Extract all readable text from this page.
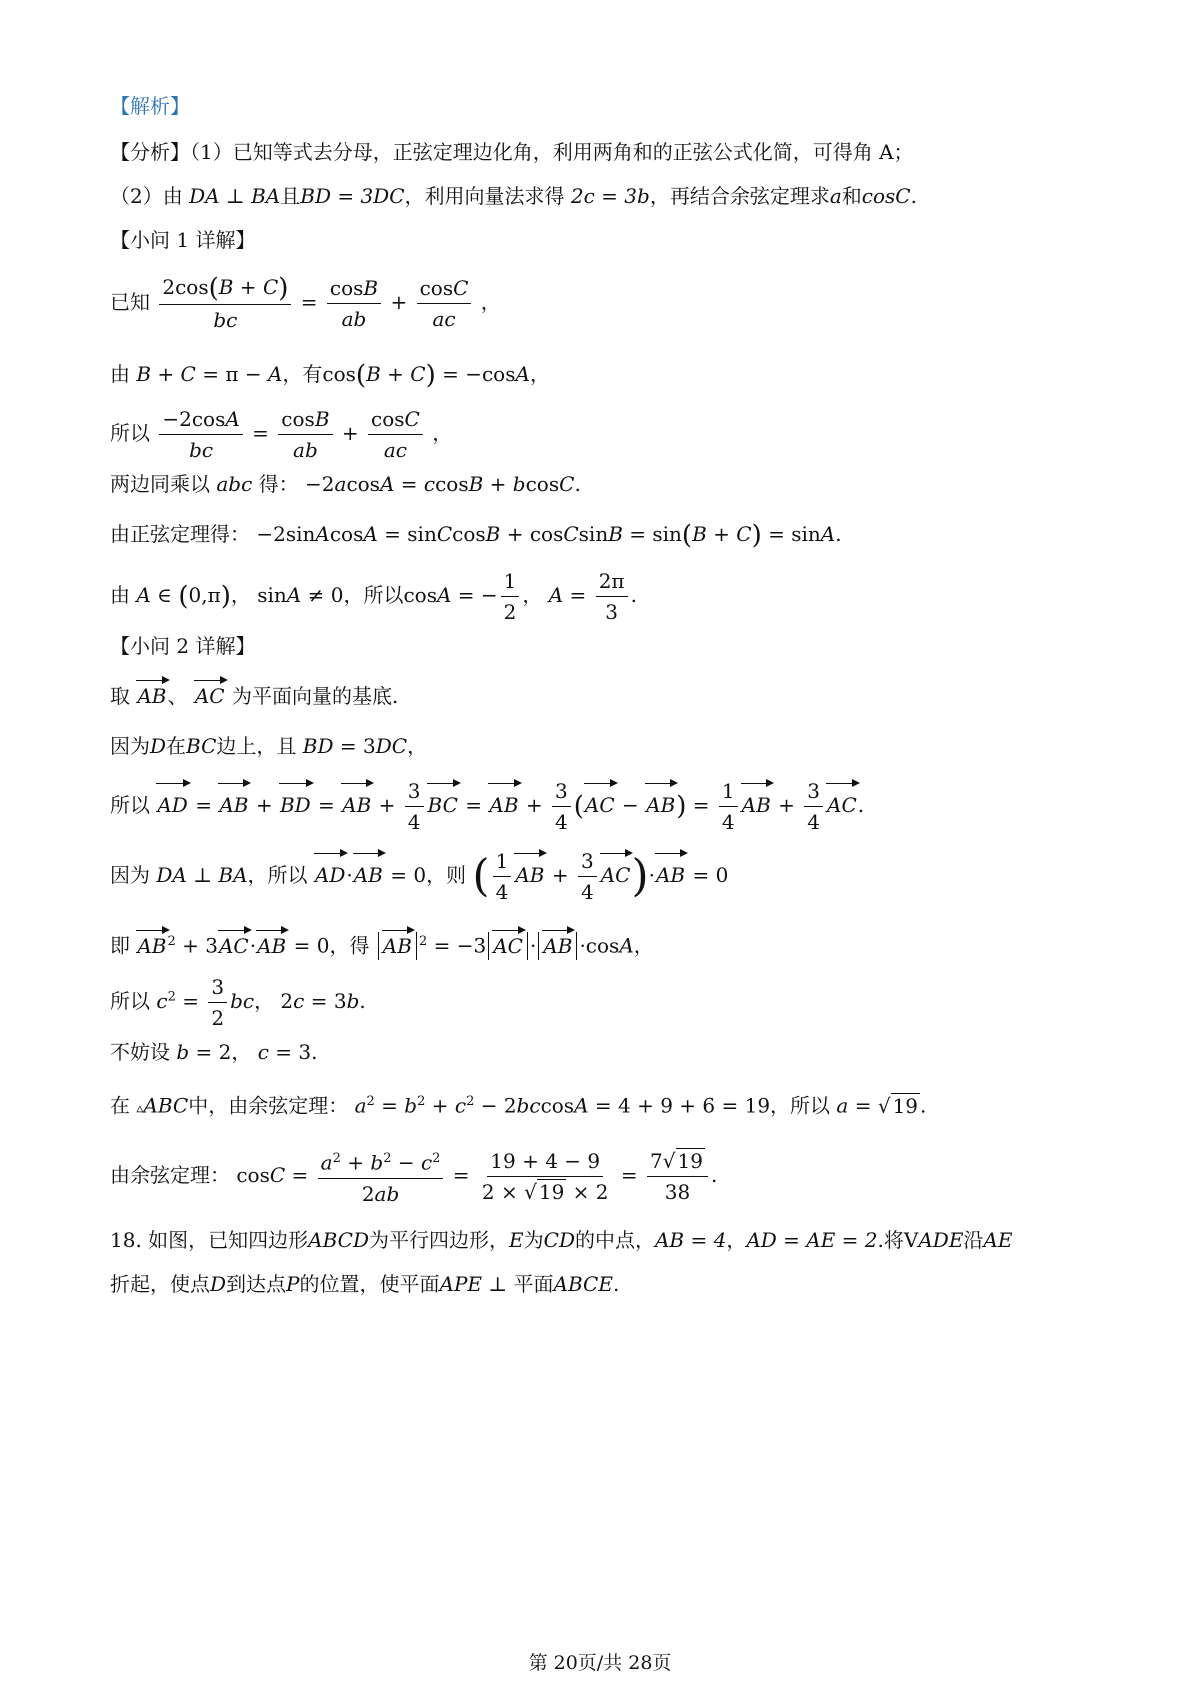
【解析】
【分析】（1）已知等式去分母，正弦定理边化角，利用两角和的正弦公式化简，可得角 A；
（2）由 DA ⊥ BA且BD = 3DC，利用向量法求得 2c = 3b，再结合余弦定理求a和cosC.
【小问 1 详解】
已知 $\frac{2\cos(B + C)}{bc} = \frac{\cos B}{ab} + \frac{\cos C}{ac}$ ，
由 B + C = π − A，有cos(B + C) = −cosA，
所以 $\frac{-2\cos A}{bc} = \frac{\cos B}{ab} + \frac{\cos C}{ac}$ ，
两边同乘以 abc 得： −2acosA = ccosB + bcosC.
由正弦定理得： −2sinAcosA = sinCcosB + cosCsinB = sin(B + C) = sinA.
由 A ∈ (0,π)， sinA ≠ 0，所以cosA = − $\frac{1}{2}$ ， $A = \frac{2\pi}{3}$ .
【小问 2 详解】
取 AB、 AC 为平面向量的基底.
因为D在BC边上，且 BD = 3DC，
所以 AD = AB + BD = AB + $\frac{3}{4}$ BC = AB + $\frac{3}{4} (AC - AB) = \frac{1}{4}$ AB + $\frac{3}{4}$ AC.
因为 DA ⊥ BA，所以 AD·AB = 0，则 ( $\frac{1}{4}$ AB + $\frac{3}{4} AC)\cdot AB = 0$
即 $AB^2 + 3AC\cdot AB = 0$，得 AB $^2$ = −3 AC · AB ·cosA，
所以 $c^2 = \frac{3}{2}$ bc， 2c = 3b.
不妨设 b = 2， c = 3.
在 ▵ABC中，由余弦定理： $a^2 = b^2 + c^2 - 2bccosA = 4 + 9 + 6 = 19$，所以 a = √ 19 .
由余弦定理： $\cos C = \frac{a^2 + b^2 - c^2}{2ab} = \frac{19 + 4 - 9}{2 \times √ 19 \times 2} = \frac{7√ 19}{38}$ .
18. 如图，已知四边形ABCD为平行四边形，E为CD的中点，AB = 4，AD = AE = 2.将VADE沿AE
折起，使点D到达点P的位置，使平面APE ⊥ 平面ABCE.
第 20页/共 28页
